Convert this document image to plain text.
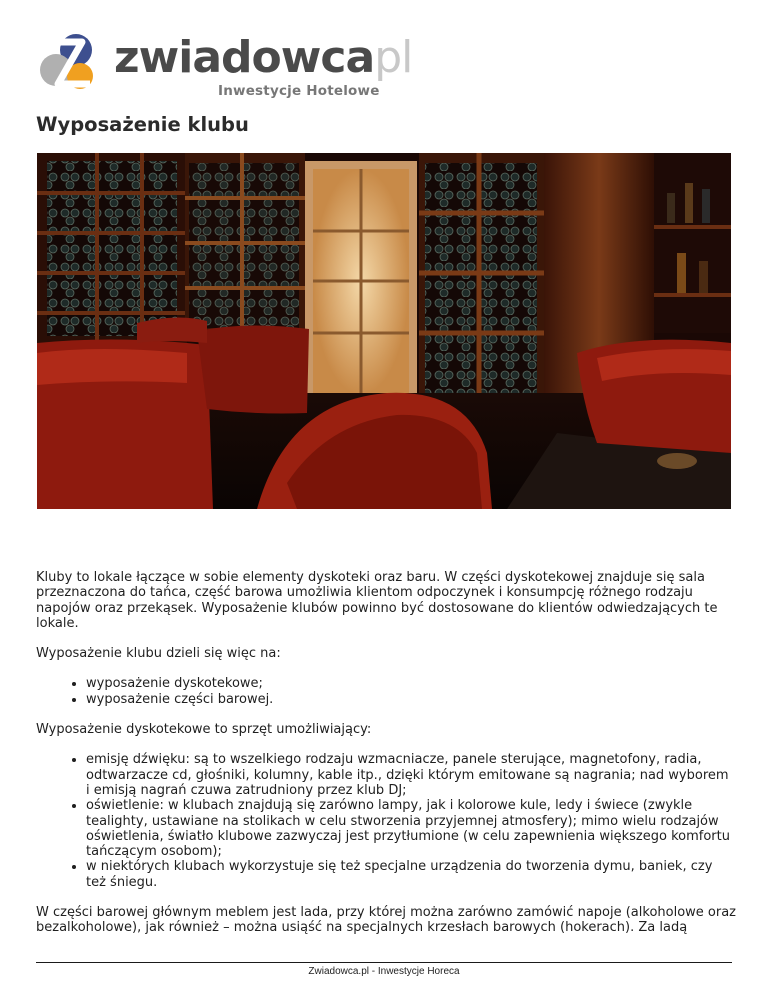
zwiadowcapl
Inwestycje Hotelowe
Wyposażenie klubu

Kluby to lokale łączące w sobie elementy dyskoteki oraz baru. W części dyskotekowej znajduje się sala przeznaczona do tańca, część barowa umożliwia klientom odpoczynek i konsumpcję różnego rodzaju napojów oraz przekąsek. Wyposażenie klubów powinno być dostosowane do klientów odwiedzających te lokale.

Wyposażenie klubu dzieli się więc na:

• wyposażenie dyskotekowe;
• wyposażenie części barowej.

Wyposażenie dyskotekowe to sprzęt umożliwiający:

• emisję dźwięku: są to wszelkiego rodzaju wzmacniacze, panele sterujące, magnetofony, radia, odtwarzacze cd, głośniki, kolumny, kable itp., dzięki którym emitowane są nagrania; nad wyborem i emisją nagrań czuwa zatrudniony przez klub DJ;
• oświetlenie: w klubach znajdują się zarówno lampy, jak i kolorowe kule, ledy i świece (zwykle tealighty, ustawiane na stolikach w celu stworzenia przyjemnej atmosfery); mimo wielu rodzajów oświetlenia, światło klubowe zazwyczaj jest przytłumione (w celu zapewnienia większego komfortu tańczącym osobom);
• w niektórych klubach wykorzystuje się też specjalne urządzenia do tworzenia dymu, baniek, czy też śniegu.

W części barowej głównym meblem jest lada, przy której można zarówno zamówić napoje (alkoholowe oraz bezalkoholowe), jak również – można usiąść na specjalnych krzesłach barowych (hokerach). Za ladą

Zwiadowca.pl - Inwestycje Horeca
